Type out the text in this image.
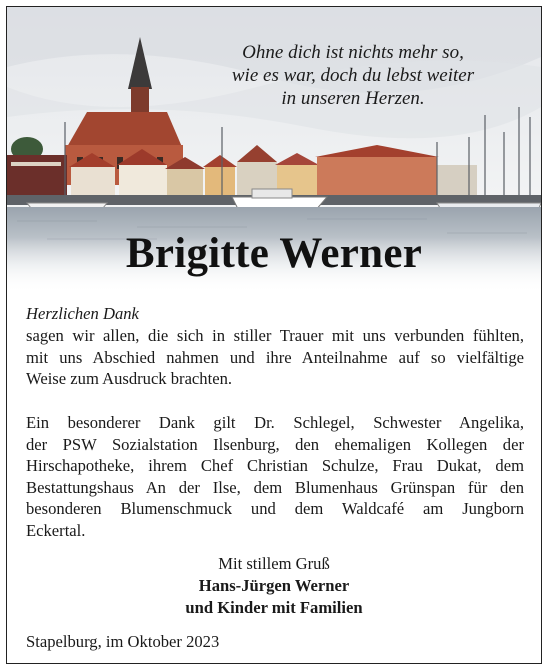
Ohne dich ist nichts mehr so,
wie es war, doch du lebst weiter
in unseren Herzen.
Brigitte Werner
Herzlichen Dank
sagen wir allen, die sich in stiller Trauer mit uns verbunden fühlten,
mit uns Abschied nahmen und ihre Anteilnahme auf so vielfältige
Weise zum Ausdruck brachten.
Ein besonderer Dank gilt Dr. Schlegel, Schwester Angelika,
der PSW Sozialstation Ilsenburg, den ehemaligen Kollegen der
Hirschapotheke, ihrem Chef Christian Schulze, Frau Dukat, dem
Bestattungshaus An der Ilse, dem Blumenhaus Grünspan für den
besonderen Blumenschmuck und dem Waldcafé am Jungborn
Eckertal.
Mit stillem Gruß
Hans-Jürgen Werner
und Kinder mit Familien
Stapelburg, im Oktober 2023
